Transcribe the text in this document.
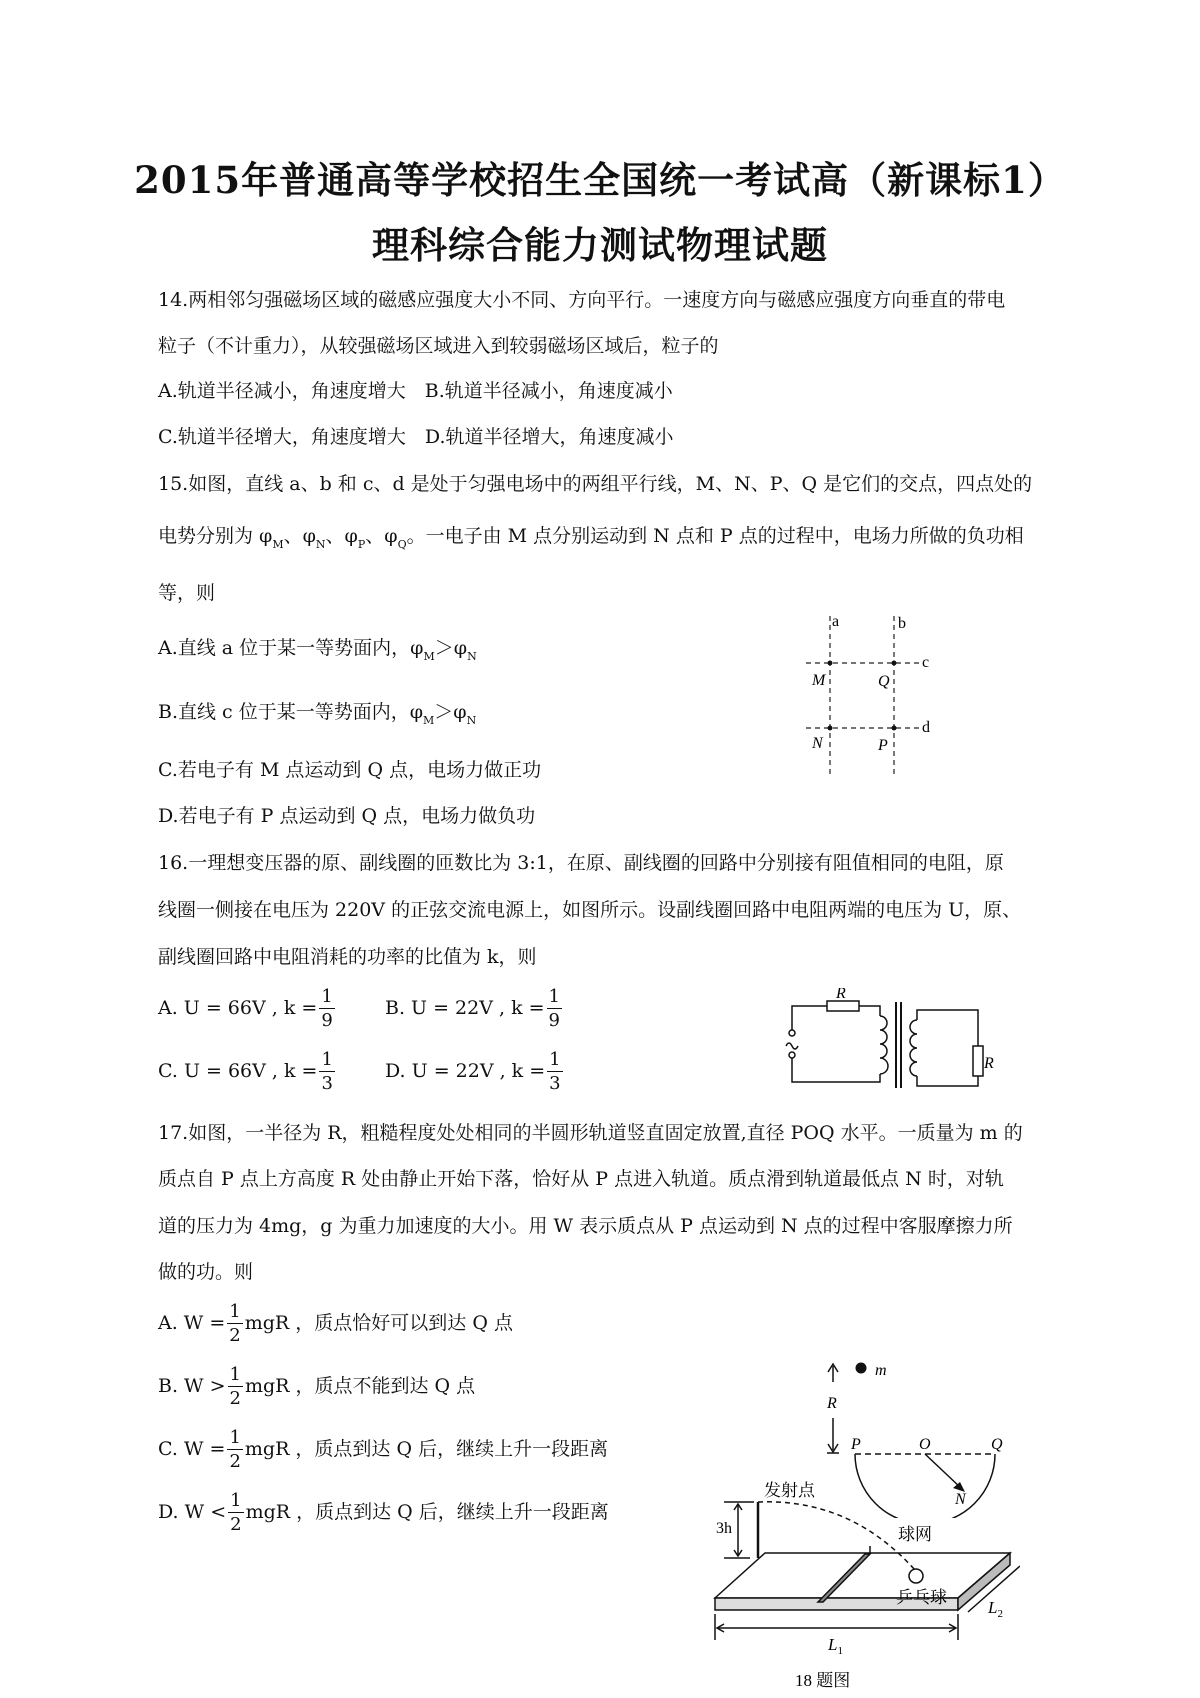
2015年普通高等学校招生全国统一考试高（新课标1）
理科综合能力测试物理试题
14.两相邻匀强磁场区域的磁感应强度大小不同、方向平行。一速度方向与磁感应强度方向垂直的带电
粒子（不计重力），从较强磁场区域进入到较弱磁场区域后，粒子的
A.轨道半径减小，角速度增大　B.轨道半径减小，角速度减小
C.轨道半径增大，角速度增大　D.轨道半径增大，角速度减小
15.如图，直线 a、b 和 c、d 是处于匀强电场中的两组平行线，M、N、P、Q 是它们的交点，四点处的
电势分别为 $\varphi_M$、$\varphi_N$、$\varphi_P$、$\varphi_Q$。一电子由 M 点分别运动到 N 点和 P 点的过程中，电场力所做的负功相
等，则
A.直线 a 位于某一等势面内，$\varphi_M>\varphi_N$
B.直线 c 位于某一等势面内，$\varphi_M>\varphi_N$
C.若电子有 M 点运动到 Q 点，电场力做正功
D.若电子有 P 点运动到 Q 点，电场力做负功
a	b
c
d
M	Q
N	P
16.一理想变压器的原、副线圈的匝数比为 3:1，在原、副线圈的回路中分别接有阻值相同的电阻，原
线圈一侧接在电压为 220V 的正弦交流电源上，如图所示。设副线圈回路中电阻两端的电压为 U，原、
副线圈回路中电阻消耗的功率的比值为 k，则
A. U = 66V , $k = \frac{1}{9}$	B. U = 22V , $k = \frac{1}{9}$
C. U = 66V , $k = \frac{1}{3}$	D. U = 22V , $k = \frac{1}{3}$
R
R
17.如图，一半径为 R，粗糙程度处处相同的半圆形轨道竖直固定放置,直径 POQ 水平。一质量为 m 的
质点自 P 点上方高度 R 处由静止开始下落，恰好从 P 点进入轨道。质点滑到轨道最低点 N 时，对轨
道的压力为 4mg，g 为重力加速度的大小。用 W 表示质点从 P 点运动到 N 点的过程中客服摩擦力所
做的功。则
A. $W = \frac{1}{2}$ mgR ，质点恰好可以到达 Q 点
B. $W > \frac{1}{2}$ mgR ，质点不能到达 Q 点
C. $W = \frac{1}{2}$ mgR ，质点到达 Q 后，继续上升一段距离
D. $W < \frac{1}{2}$ mgR ，质点到达 Q 后，继续上升一段距离
m
R
P	O	Q
N
发射点
球网
乒乓球
3h
$L_1$
$L_2$
18 题图
